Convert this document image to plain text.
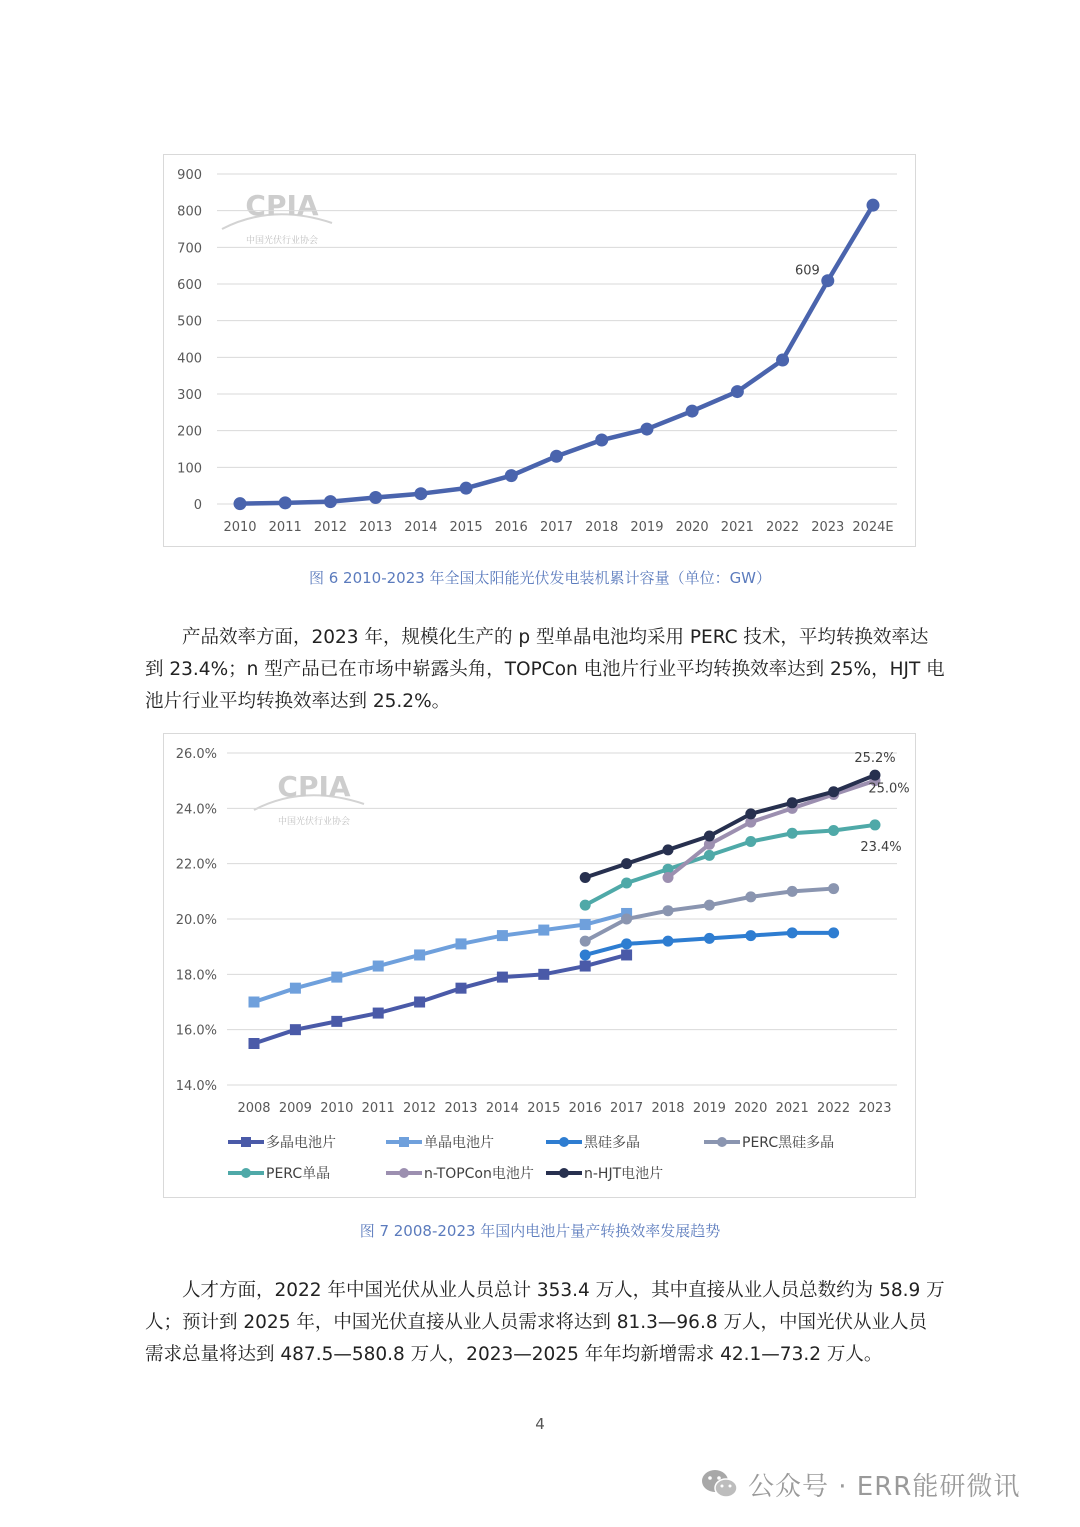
CPIA
中国光伏行业协会
0
100
200
300
400
500
600
700
800
900
2010 2011 2012 2013 2014 2015 2016 2017 2018 2019 2020 2021 2022 2023 2024E
609
图 6 2010-2023 年全国太阳能光伏发电装机累计容量（单位：GW）
产品效率方面，2023 年，规模化生产的 p 型单晶电池均采用 PERC 技术，平均转换效率达到 23.4%；n 型产品已在市场中崭露头角，TOPCon 电池片行业平均转换效率达到 25%，HJT 电池片行业平均转换效率达到 25.2%。
CPIA
中国光伏行业协会
14.0%
16.0%
18.0%
20.0%
22.0%
24.0%
26.0%
2008 2009 2010 2011 2012 2013 2014 2015 2016 2017 2018 2019 2020 2021 2022 2023
25.2%
25.0%
23.4%
多晶电池片	单晶电池片	黑硅多晶	PERC黑硅多晶
PERC单晶	n-TOPCon电池片	n-HJT电池片
图 7 2008-2023 年国内电池片量产转换效率发展趋势
人才方面，2022 年中国光伏从业人员总计 353.4 万人，其中直接从业人员总数约为 58.9 万人；预计到 2025 年，中国光伏直接从业人员需求将达到 81.3—96.8 万人，中国光伏从业人员需求总量将达到 487.5—580.8 万人，2023—2025 年年均新增需求 42.1—73.2 万人。
4
公众号 · ERR能研微讯
